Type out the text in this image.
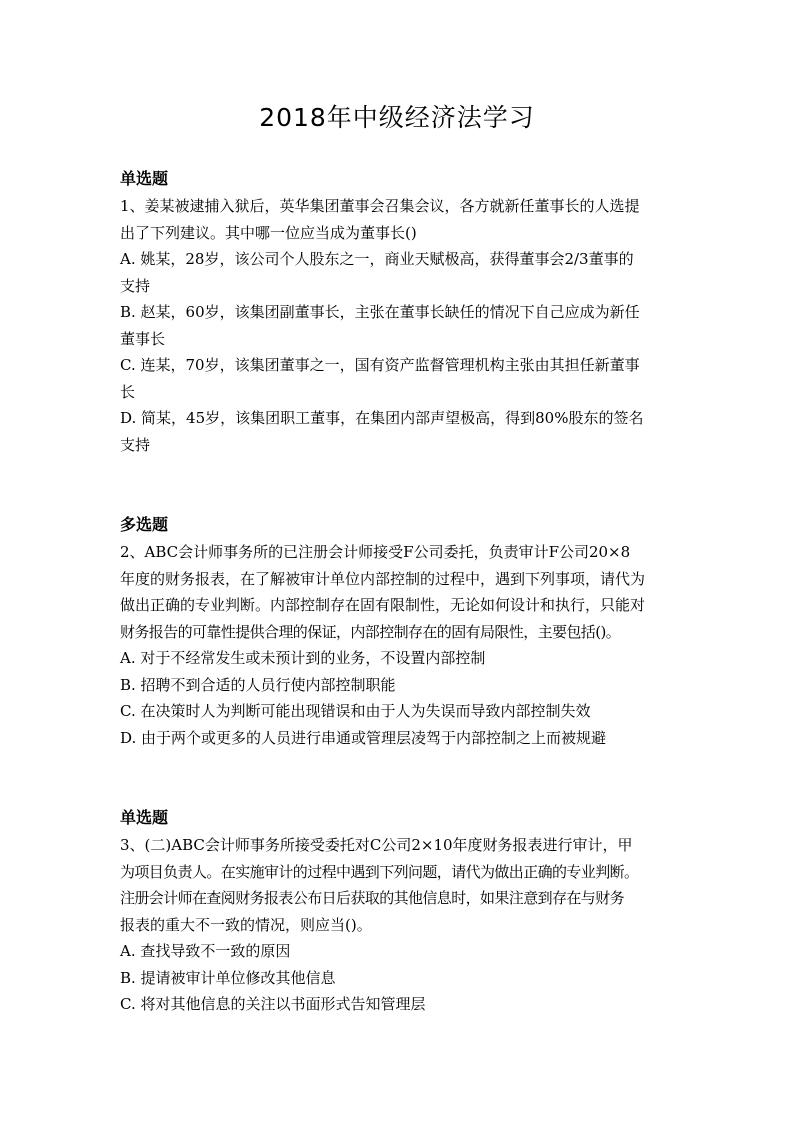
2018年中级经济法学习
单选题
1、姜某被逮捕入狱后，英华集团董事会召集会议，各方就新任董事长的人选提
出了下列建议。其中哪一位应当成为董事长()
A. 姚某，28岁，该公司个人股东之一，商业天赋极高，获得董事会2/3董事的
支持
B. 赵某，60岁，该集团副董事长，主张在董事长缺任的情况下自己应成为新任
董事长
C. 连某，70岁，该集团董事之一，国有资产监督管理机构主张由其担任新董事
长
D. 简某，45岁，该集团职工董事，在集团内部声望极高，得到80%股东的签名
支持
多选题
2、ABC会计师事务所的已注册会计师接受F公司委托，负责审计F公司20×8
年度的财务报表，在了解被审计单位内部控制的过程中，遇到下列事项，请代为
做出正确的专业判断。内部控制存在固有限制性，无论如何设计和执行，只能对
财务报告的可靠性提供合理的保证，内部控制存在的固有局限性，主要包括()。
A. 对于不经常发生或未预计到的业务，不设置内部控制
B. 招聘不到合适的人员行使内部控制职能
C. 在决策时人为判断可能出现错误和由于人为失误而导致内部控制失效
D. 由于两个或更多的人员进行串通或管理层凌驾于内部控制之上而被规避
单选题
3、(二)ABC会计师事务所接受委托对C公司2×10年度财务报表进行审计，甲
为项目负责人。在实施审计的过程中遇到下列问题，请代为做出正确的专业判断。
注册会计师在查阅财务报表公布日后获取的其他信息时，如果注意到存在与财务
报表的重大不一致的情况，则应当()。
A. 查找导致不一致的原因
B. 提请被审计单位修改其他信息
C. 将对其他信息的关注以书面形式告知管理层
